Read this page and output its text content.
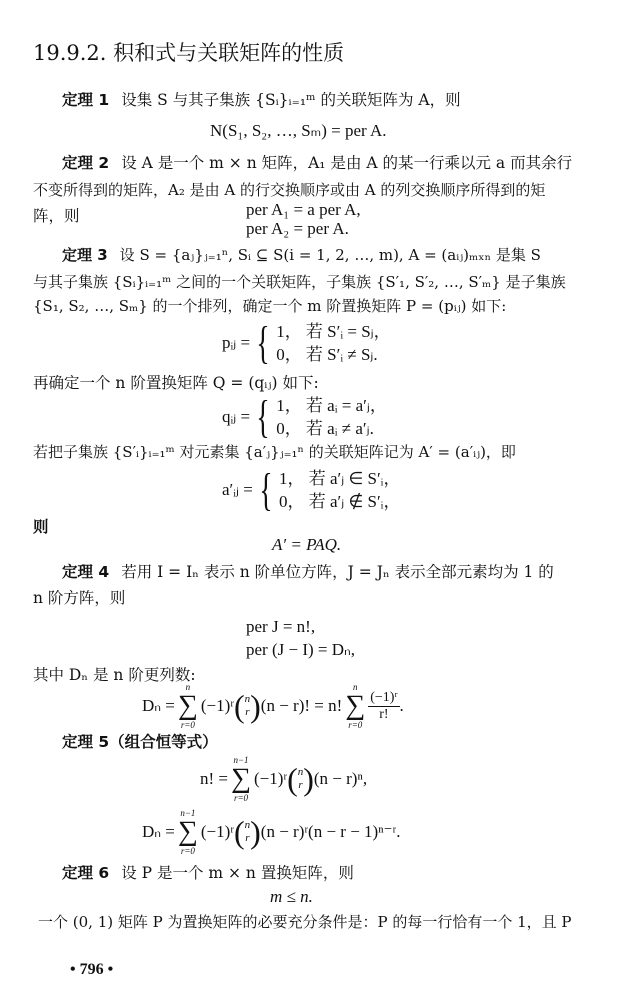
19.9.2. 积和式与关联矩阵的性质
定理 1 设集 S 与其子集族 {Sᵢ}ᵢ₌₁ᵐ 的关联矩阵为 A，则
N(S₁, S₂, …, Sₘ) = per A.
定理 2 设 A 是一个 m × n 矩阵，A₁ 是由 A 的某一行乘以元 a 而其余行
不变所得到的矩阵，A₂ 是由 A 的行交换顺序或由 A 的列交换顺序所得到的矩
阵，则	per A₁ = a per A,
per A₂ = per A.
定理 3 设 S = {aⱼ}ⱼ₌₁ⁿ, Sᵢ ⊆ S(i = 1, 2, …, m), A = (aᵢⱼ)ₘₓₙ 是集 S
与其子集族 {Sᵢ}ᵢ₌₁ᵐ 之间的一个关联矩阵，子集族 {S′₁, S′₂, …, S′ₘ} 是子集族
{S₁, S₂, …, Sₘ} 的一个排列，确定一个 m 阶置换矩阵 P = (pᵢⱼ) 如下:
pᵢⱼ = { 1， 若 S′ᵢ = Sⱼ，
0， 若 S′ᵢ ≠ Sⱼ.
再确定一个 n 阶置换矩阵 Q = (qᵢⱼ) 如下:
qᵢⱼ = { 1， 若 aᵢ = a′ⱼ，
0， 若 aᵢ ≠ a′ⱼ.
若把子集族 {S′ᵢ}ᵢ₌₁ᵐ 对元素集 {a′ⱼ}ⱼ₌₁ⁿ 的关联矩阵记为 A′ = (a′ᵢⱼ)，即
a′ᵢⱼ = { 1， 若 a′ⱼ ∈ S′ᵢ，
0， 若 a′ⱼ ∉ S′ᵢ，
则
A′ = PAQ.
定理 4 若用 I = Iₙ 表示 n 阶单位方阵，J = Jₙ 表示全部元素均为 1 的
n 阶方阵，则
per J = n!,
per (J − I) = Dₙ,
其中 Dₙ 是 n 阶更列数:
Dₙ =
n
∑
r=0
(−1)ʳ ( n
r ) (n − r)! = n!
n
∑
r=0
$\frac{\text{(−1)ʳ}}{r!}$ .
定理 5（组合恒等式）
n! =
n−1
∑
r=0
(−1)ʳ ( n
r ) (n − r)ⁿ,
Dₙ =
n−1
∑
r=0
(−1)ʳ ( n
r ) (n − r)ʳ(n − r − 1)ⁿ⁻ʳ.
定理 6 设 P 是一个 m × n 置换矩阵，则
m ≤ n.
一个 (0, 1) 矩阵 P 为置换矩阵的必要充分条件是：P 的每一行恰有一个 1，且 P
• 796 •
